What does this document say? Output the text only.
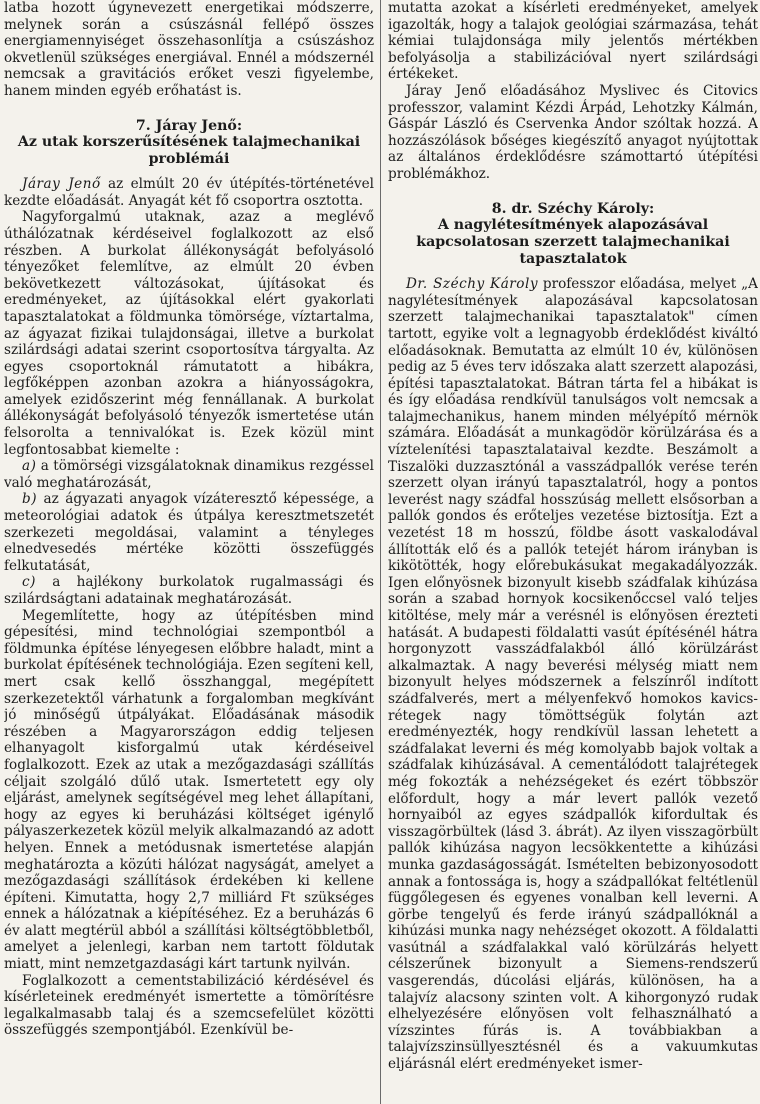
latba hozott úgynevezett energetikai módszerre, melynek során a csúszásnál fellépő összes energiamennyiséget összehasonlítja a csúszáshoz okvetlenül szükséges energiával. Ennél a módszernél nemcsak a gravitációs erőket veszi figyelembe, hanem minden egyéb erőhatást is.

7. Járay Jenő:
Az utak korszerűsítésének talajmechanikai problémái

Járay Jenő az elmúlt 20 év útépítés-történetével kezdte előadását. Anyagát két fő csoportra osztotta.

Nagyforgalmú utaknak, azaz a meglévő úthálózatnak kérdéseivel foglalkozott az első részben. A burkolat állékonyságát befolyásoló tényezőket felemlítve, az elmúlt 20 évben bekövetkezett változásokat, újításokat és eredményeket, az újításokkal elért gyakorlati tapasztalatokat a földmunka tömörsége, víztartalma, az ágyazat fizikai tulajdonságai, illetve a burkolat szilárdsági adatai szerint csoportosítva tárgyalta. Az egyes csoportoknál rámutatott a hibákra, legfőképpen azonban azokra a hiányosságokra, amelyek ezidőszerint még fennállanak. A burkolat állékonyságát befolyásoló tényezők ismertetése után felsorolta a tennivalókat is. Ezek közül mint legfontosabbat kiemelte :

a) a tömörségi vizsgálatoknak dinamikus rezgéssel való meghatározását,

b) az ágyazati anyagok vízáteresztő képessége, a meteorológiai adatok és útpálya keresztmetszetét szerkezeti megoldásai, valamint a tényleges elnedvesedés mértéke közötti összefüggés felkutatását,

c) a hajlékony burkolatok rugalmassági és szilárdságtani adatainak meghatározását.

Megemlítette, hogy az útépítésben mind gépesítési, mind technológiai szempontból a földmunka építése lényegesen előbbre haladt, mint a burkolat építésének technológiája. Ezen segíteni kell, mert csak kellő összhanggal, megépített szerkezetektől várhatunk a forgalomban megkívánt jó minőségű útpályákat. Előadásának második részében a Magyarországon eddig teljesen elhanyagolt kisforgalmú utak kérdéseivel foglalkozott. Ezek az utak a mezőgazdasági szállítás céljait szolgáló dűlő utak. Ismertetett egy oly eljárást, amelynek segítségével meg lehet állapítani, hogy az egyes ki beruházási költséget igénylő pályaszerkezetek közül melyik alkalmazandó az adott helyen. Ennek a metódusnak ismertetése alapján meghatározta a közúti hálózat nagyságát, amelyet a mezőgazdasági szállítások érdekében ki kellene építeni. Kimutatta, hogy 2,7 milliárd Ft szükséges ennek a hálózatnak a kiépítéséhez. Ez a beruházás 6 év alatt megtérül abból a szállítási költségtöbbletből, amelyet a jelenlegi, karban nem tartott földutak miatt, mint nemzetgazdasági kárt tartunk nyilván.

Foglalkozott a cementstabilizáció kérdésével és kísérleteinek eredményét ismertette a tömörítésre legalkalmasabb talaj és a szemcsefelület közötti összefüggés szempontjából. Ezenkívül be-

mutatta azokat a kísérleti eredményeket, amelyek igazolták, hogy a talajok geológiai származása, tehát kémiai tulajdonsága mily jelentős mértékben befolyásolja a stabilizációval nyert szilárdsági értékeket.

Járay Jenő előadásához Myslivec és Citovics professzor, valamint Kézdi Árpád, Lehotzky Kálmán, Gáspár László és Cservenka Andor szóltak hozzá. A hozzászólások bőséges kiegészítő anyagot nyújtottak az általános érdeklődésre számottartó útépítési problémákhoz.

8. dr. Széchy Károly:
A nagylétesítmények alapozásával kapcsolatosan szerzett talajmechanikai tapasztalatok

Dr. Széchy Károly professzor előadása, melyet „A nagylétesítmények alapozásával kapcsolatosan szerzett talajmechanikai tapasztalatok" címen tartott, egyike volt a legnagyobb érdeklődést kiváltó előadásoknak. Bemutatta az elmúlt 10 év, különösen pedig az 5 éves terv időszaka alatt szerzett alapozási, építési tapasztalatokat. Bátran tárta fel a hibákat is és így előadása rendkívül tanulságos volt nemcsak a talajmechanikus, hanem minden mélyépítő mérnök számára. Előadását a munkagödör körülzárása és a víztelenítési tapasztalataival kezdte. Beszámolt a Tiszalöki duzzasztónál a vasszádpallók verése terén szerzett olyan irányú tapasztalatról, hogy a pontos leverést nagy szádfal hosszúság mellett elsősorban a pallók gondos és erőteljes vezetése biztosítja. Ezt a vezetést 18 m hosszú, földbe ásott vaskalodával állították elő és a pallók tetejét három irányban is kikötötték, hogy előrebukásukat megakadályozzák. Igen előnyösnek bizonyult kisebb szádfalak kihúzása során a szabad hornyok kocsikenőccsel való teljes kitöltése, mely már a verésnél is előnyösen érezteti hatását. A budapesti földalatti vasút építésénél hátra horgonyzott vasszádfalakból álló körülzárást alkalmaztak. A nagy beverési mélység miatt nem bizonyult helyes módszernek a felszínről indított szádfalverés, mert a mélyenfekvő homokos kavics-rétegek nagy tömöttségük folytán azt eredményezték, hogy rendkívül lassan lehetett a szádfalakat leverni és még komolyabb bajok voltak a szádfalak kihúzásával. A cementálódott talajrétegek még fokozták a nehézségeket és ezért többször előfordult, hogy a már levert pallók vezető hornyaiból az egyes szádpallók kifordultak és visszagörbültek (lásd 3. ábrát). Az ilyen visszagörbült pallók kihúzása nagyon lecsökkentette a kihúzási munka gazdaságosságát. Ismételten bebizonyosodott annak a fontossága is, hogy a szádpallókat feltétlenül függőlegesen és egyenes vonalban kell leverni. A görbe tengelyű és ferde irányú szádpallóknál a kihúzási munka nagy nehézséget okozott. A földalatti vasútnál a szádfalakkal való körülzárás helyett célszerűnek bizonyult a Siemens-rendszerű vasgerendás, dúcolási eljárás, különösen, ha a talajvíz alacsony szinten volt. A kihorgonyzó rudak elhelyezésére előnyösen volt felhasználható a vízszintes fúrás is. A továbbiakban a talajvízszinsüllyesztésnél és a vakuumkutas eljárásnál elért eredményeket ismer-
